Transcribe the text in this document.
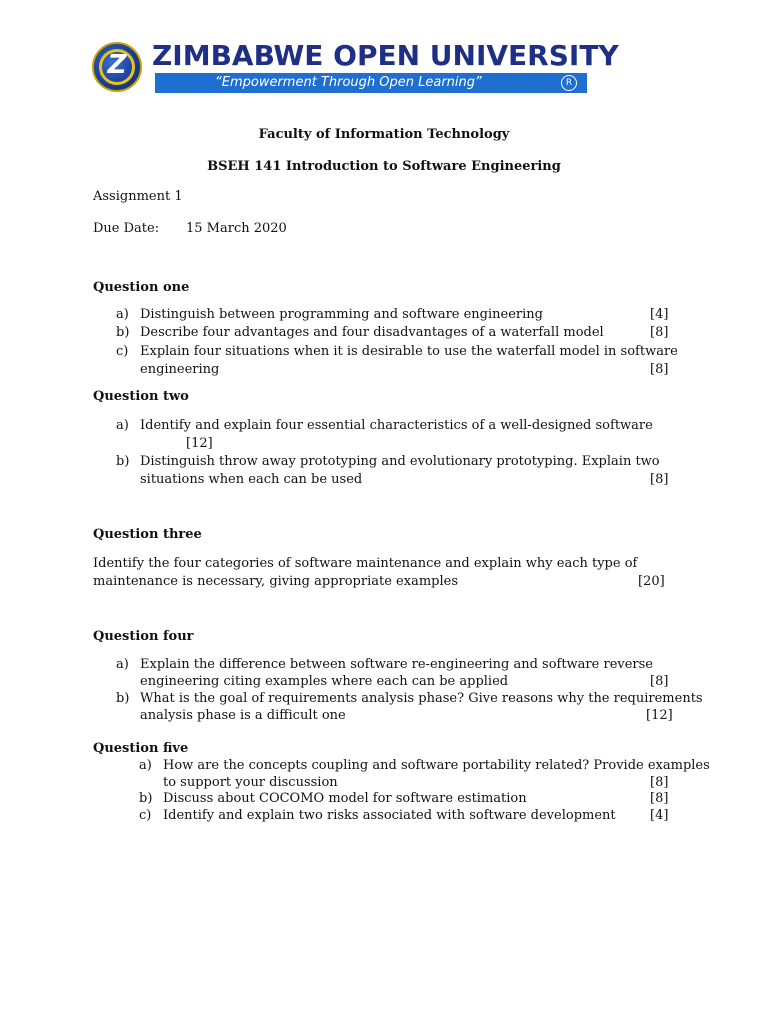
Z ZIMBABWE OPEN UNIVERSITY
“Empowerment Through Open Learning”	R
Faculty of Information Technology
BSEH 141 Introduction to Software Engineering
Assignment 1
Due Date: 15 March 2020
Question one
a) Distinguish between programming and software engineering	[4]
b) Describe four advantages and four disadvantages of a waterfall model	[8]
c) Explain four situations when it is desirable to use the waterfall model in software
engineering	[8]
Question two
a) Identify and explain four essential characteristics of a well-designed software
[12]
b) Distinguish throw away prototyping and evolutionary prototyping. Explain two
situations when each can be used	[8]
Question three
Identify the four categories of software maintenance and explain why each type of
maintenance is necessary, giving appropriate examples	[20]
Question four
a) Explain the difference between software re-engineering and software reverse
engineering citing examples where each can be applied	[8]
b) What is the goal of requirements analysis phase? Give reasons why the requirements
analysis phase is a difficult one	[12]
Question five
a) How are the concepts coupling and software portability related? Provide examples
to support your discussion	[8]
b) Discuss about COCOMO model for software estimation	[8]
c) Identify and explain two risks associated with software development	[4]
